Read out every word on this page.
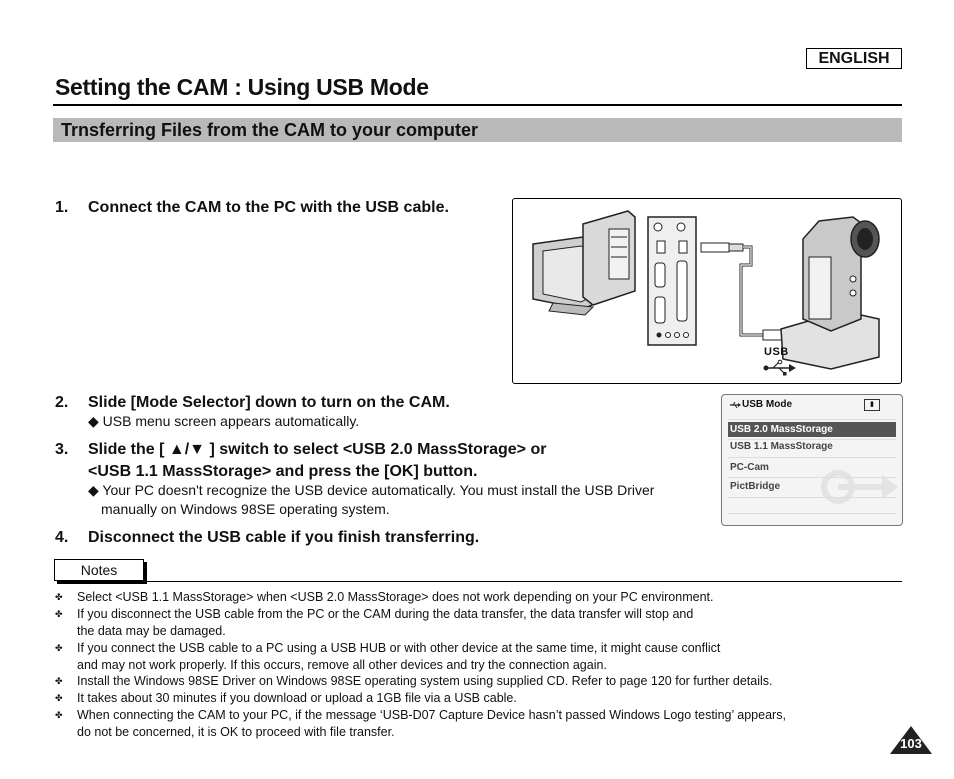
ENGLISH
Setting the CAM : Using USB Mode
Trnsferring Files from the CAM to your computer
1. Connect the CAM to the PC with the USB cable.
USB
2. Slide [Mode Selector] down to turn on the CAM.
◆ USB menu screen appears automatically.
3. Slide the [ ▲/▼ ] switch to select <USB 2.0 MassStorage> or
<USB 1.1 MassStorage> and press the [OK] button.
◆ Your PC doesn't recognize the USB device automatically. You must install the USB Driver
manually on Windows 98SE operating system.
USB Mode	▮
USB 2.0 MassStorage
USB 1.1 MassStorage
PC-Cam
PictBridge
4. Disconnect the USB cable if you finish transferring.
Notes
✤ Select <USB 1.1 MassStorage> when <USB 2.0 MassStorage> does not work depending on your PC environment.
✤ If you disconnect the USB cable from the PC or the CAM during the data transfer, the data transfer will stop and
the data may be damaged.
✤ If you connect the USB cable to a PC using a USB HUB or with other device at the same time, it might cause conflict
and may not work properly. If this occurs, remove all other devices and try the connection again.
✤ Install the Windows 98SE Driver on Windows 98SE operating system using supplied CD. Refer to page 120 for further details.
✤ It takes about 30 minutes if you download or upload a 1GB file via a USB cable.
✤ When connecting the CAM to your PC, if the message ‘USB-D07 Capture Device hasn’t passed Windows Logo testing’ appears,
do not be concerned, it is OK to proceed with file transfer.
103
